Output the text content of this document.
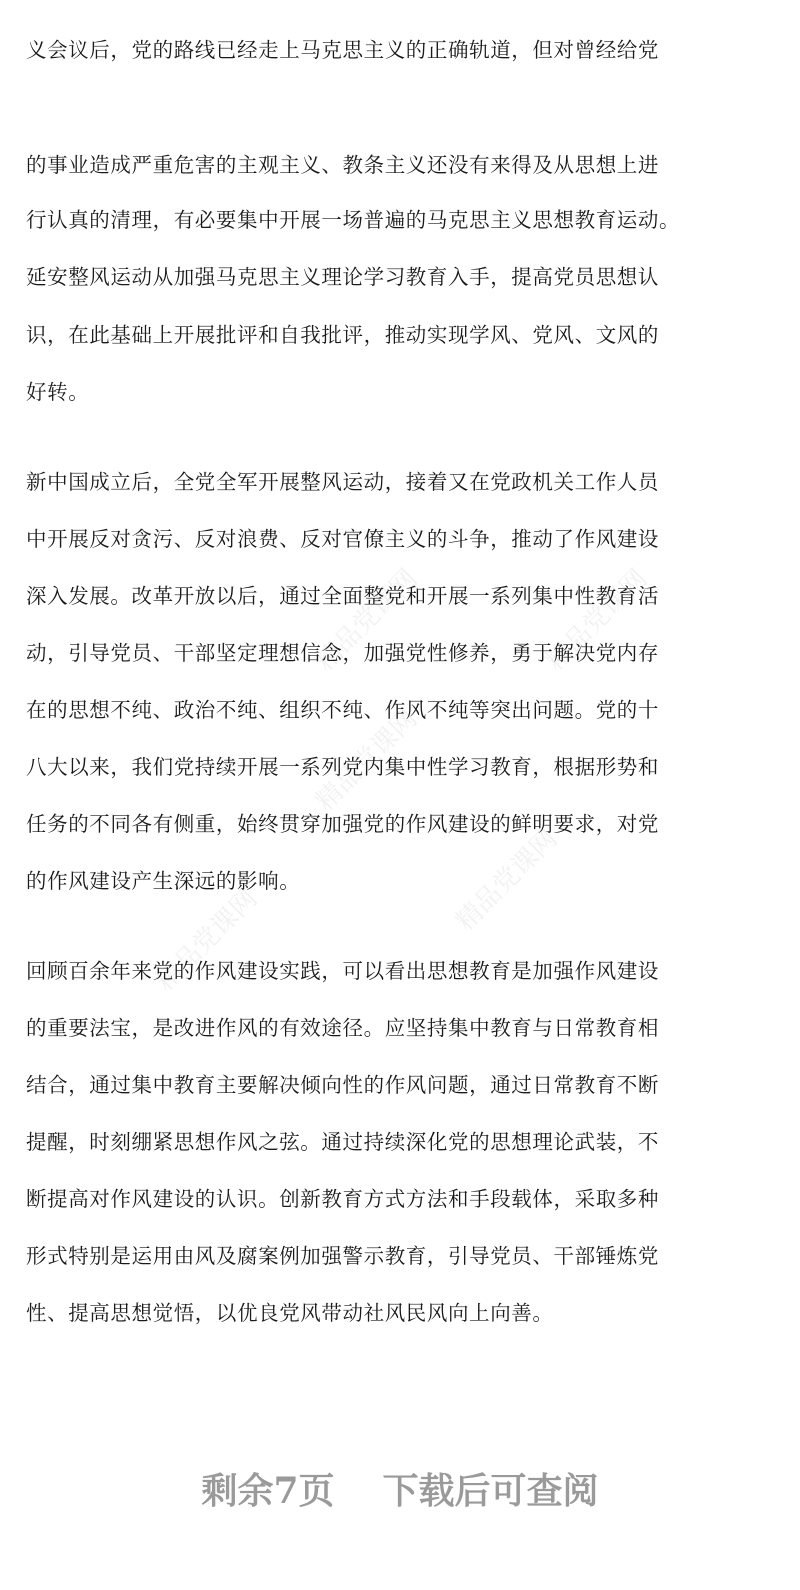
精品党课网	精品党课网
精品党课网
精品党课网
精品党课网
义会议后，党的路线已经走上马克思主义的正确轨道，但对曾经给党
的事业造成严重危害的主观主义、教条主义还没有来得及从思想上进
行认真的清理，有必要集中开展一场普遍的马克思主义思想教育运动。
延安整风运动从加强马克思主义理论学习教育入手，提高党员思想认
识，在此基础上开展批评和自我批评，推动实现学风、党风、文风的
好转。
新中国成立后，全党全军开展整风运动，接着又在党政机关工作人员
中开展反对贪污、反对浪费、反对官僚主义的斗争，推动了作风建设
深入发展。改革开放以后，通过全面整党和开展一系列集中性教育活
动，引导党员、干部坚定理想信念，加强党性修养，勇于解决党内存
在的思想不纯、政治不纯、组织不纯、作风不纯等突出问题。党的十
八大以来，我们党持续开展一系列党内集中性学习教育，根据形势和
任务的不同各有侧重，始终贯穿加强党的作风建设的鲜明要求，对党
的作风建设产生深远的影响。
回顾百余年来党的作风建设实践，可以看出思想教育是加强作风建设
的重要法宝，是改进作风的有效途径。应坚持集中教育与日常教育相
结合，通过集中教育主要解决倾向性的作风问题，通过日常教育不断
提醒，时刻绷紧思想作风之弦。通过持续深化党的思想理论武装，不
断提高对作风建设的认识。创新教育方式方法和手段载体，采取多种
形式特别是运用由风及腐案例加强警示教育，引导党员、干部锤炼党
性、提高思想觉悟，以优良党风带动社风民风向上向善。
剩余7页 下载后可查阅
